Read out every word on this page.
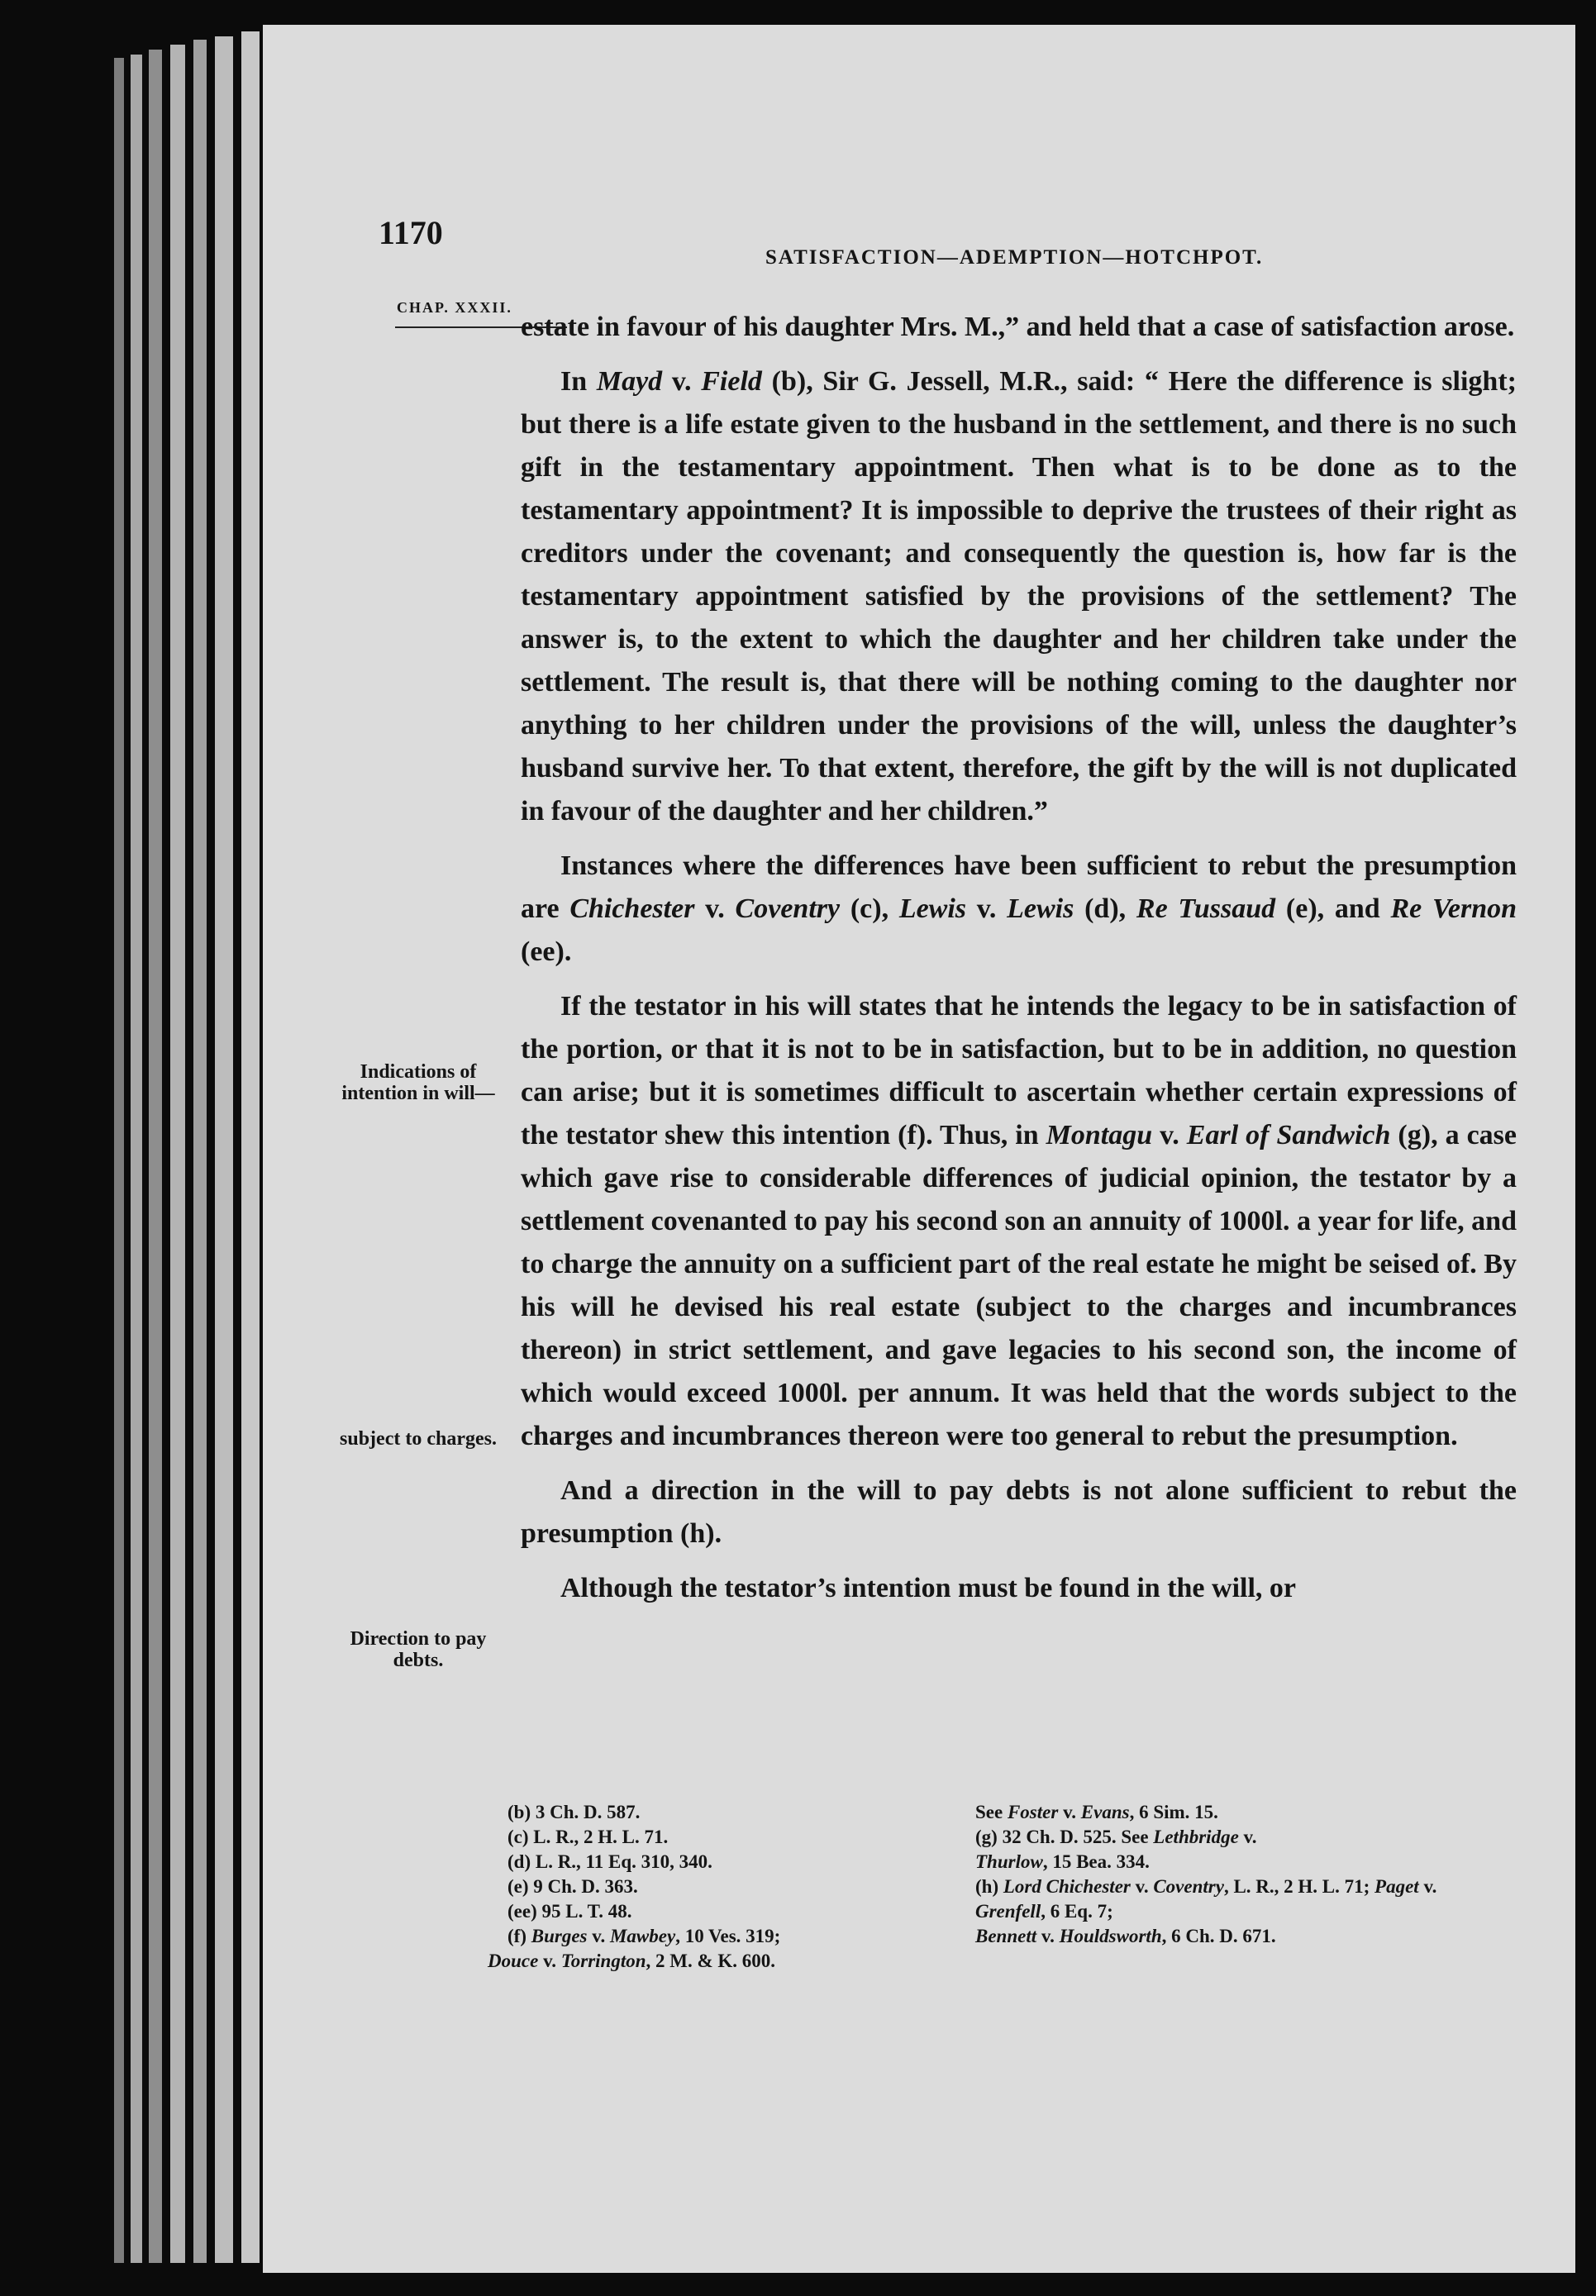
1170

SATISFACTION—ADEMPTION—HOTCHPOT.

CHAP. XXXII.

estate in favour of his daughter Mrs. M.,” and held that a case of satisfaction arose.

In Mayd v. Field (b), Sir G. Jessell, M.R., said: “ Here the difference is slight; but there is a life estate given to the husband in the settlement, and there is no such gift in the testamentary appointment. Then what is to be done as to the testamentary appointment? It is impossible to deprive the trustees of their right as creditors under the covenant; and consequently the question is, how far is the testamentary appointment satisfied by the provisions of the settlement? The answer is, to the extent to which the daughter and her children take under the settlement. The result is, that there will be nothing coming to the daughter nor anything to her children under the provisions of the will, unless the daughter’s husband survive her. To that extent, therefore, the gift by the will is not duplicated in favour of the daughter and her children.”

Instances where the differences have been sufficient to rebut the presumption are Chichester v. Coventry (c), Lewis v. Lewis (d), Re Tussaud (e), and Re Vernon (ee).

If the testator in his will states that he intends the legacy to be in satisfaction of the portion, or that it is not to be in satisfaction, but to be in addition, no question can arise; but it is sometimes difficult to ascertain whether certain expressions of the testator shew this intention (f). Thus, in Montagu v. Earl of Sandwich (g), a case which gave rise to considerable differences of judicial opinion, the testator by a settlement covenanted to pay his second son an annuity of 1000l. a year for life, and to charge the annuity on a sufficient part of the real estate he might be seised of. By his will he devised his real estate (subject to the charges and incumbrances thereon) in strict settlement, and gave legacies to his second son, the income of which would exceed 1000l. per annum. It was held that the words subject to the charges and incumbrances thereon were too general to rebut the presumption.

And a direction in the will to pay debts is not alone sufficient to rebut the presumption (h).

Although the testator’s intention must be found in the will, or

Indications of intention in will—
subject to charges.
Direction to pay debts.

(b) 3 Ch. D. 587.

(c) L. R., 2 H. L. 71.

(d) L. R., 11 Eq. 310, 340.

(e) 9 Ch. D. 363.

(ee) 95 L. T. 48.

(f) Burges v. Mawbey, 10 Ves. 319;

Douce v. Torrington, 2 M. & K. 600.

See Foster v. Evans, 6 Sim. 15.

(g) 32 Ch. D. 525. See Lethbridge v.
Thurlow, 15 Bea. 334.

(h) Lord Chichester v. Coventry, L. R., 2 H. L. 71; Paget v. Grenfell, 6 Eq. 7;
Bennett v. Houldsworth, 6 Ch. D. 671.
